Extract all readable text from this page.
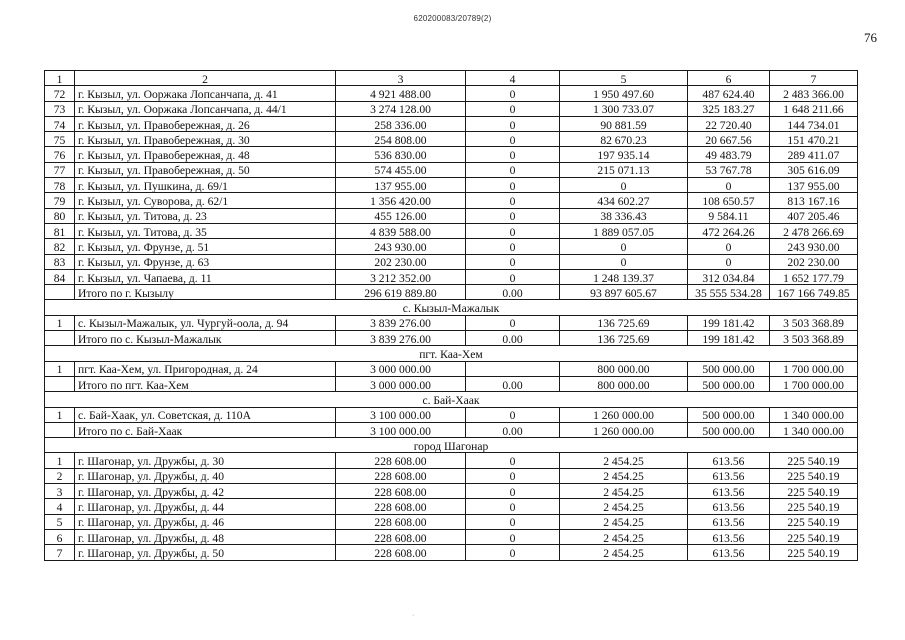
620200083/20789(2)
76
1	2	3	4	5	6	7
72	г. Кызыл, ул. Ооржака Лопсанчапа, д. 41	4 921 488.00	0	1 950 497.60	487 624.40	2 483 366.00
73	г. Кызыл, ул. Ооржака Лопсанчапа, д. 44/1	3 274 128.00	0	1 300 733.07	325 183.27	1 648 211.66
74	г. Кызыл, ул. Правобережная, д. 26	258 336.00	0	90 881.59	22 720.40	144 734.01
75	г. Кызыл, ул. Правобережная, д. 30	254 808.00	0	82 670.23	20 667.56	151 470.21
76	г. Кызыл, ул. Правобережная, д. 48	536 830.00	0	197 935.14	49 483.79	289 411.07
77	г. Кызыл, ул. Правобережная, д. 50	574 455.00	0	215 071.13	53 767.78	305 616.09
78	г. Кызыл, ул. Пушкина, д. 69/1	137 955.00	0	0	0	137 955.00
79	г. Кызыл, ул. Суворова, д. 62/1	1 356 420.00	0	434 602.27	108 650.57	813 167.16
80	г. Кызыл, ул. Титова, д. 23	455 126.00	0	38 336.43	9 584.11	407 205.46
81	г. Кызыл, ул. Титова, д. 35	4 839 588.00	0	1 889 057.05	472 264.26	2 478 266.69
82	г. Кызыл, ул. Фрунзе, д. 51	243 930.00	0	0	0	243 930.00
83	г. Кызыл, ул. Фрунзе, д. 63	202 230.00	0	0	0	202 230.00
84	г. Кызыл, ул. Чапаева, д. 11	3 212 352.00	0	1 248 139.37	312 034.84	1 652 177.79
	Итого по г. Кызылу	296 619 889.80	0.00	93 897 605.67	35 555 534.28	167 166 749.85
с. Кызыл-Мажалык						
1	с. Кызыл-Мажалык, ул. Чургуй-оола, д. 94	3 839 276.00	0	136 725.69	199 181.42	3 503 368.89
	Итого по с. Кызыл-Мажалык	3 839 276.00	0.00	136 725.69	199 181.42	3 503 368.89
пгт. Каа-Хем						
1	пгт. Каа-Хем, ул. Пригородная, д. 24	3 000 000.00		800 000.00	500 000.00	1 700 000.00
	Итого по пгт. Каа-Хем	3 000 000.00	0.00	800 000.00	500 000.00	1 700 000.00
с. Бай-Хаак						
1	с. Бай-Хаак, ул. Советская, д. 110А	3 100 000.00	0	1 260 000.00	500 000.00	1 340 000.00
	Итого по с. Бай-Хаак	3 100 000.00	0.00	1 260 000.00	500 000.00	1 340 000.00
город Шагонар						
1	г. Шагонар, ул. Дружбы, д. 30	228 608.00	0	2 454.25	613.56	225 540.19
2	г. Шагонар, ул. Дружбы, д. 40	228 608.00	0	2 454.25	613.56	225 540.19
3	г. Шагонар, ул. Дружбы, д. 42	228 608.00	0	2 454.25	613.56	225 540.19
4	г. Шагонар, ул. Дружбы, д. 44	228 608.00	0	2 454.25	613.56	225 540.19
5	г. Шагонар, ул. Дружбы, д. 46	228 608.00	0	2 454.25	613.56	225 540.19
6	г. Шагонар, ул. Дружбы, д. 48	228 608.00	0	2 454.25	613.56	225 540.19
7	г. Шагонар, ул. Дружбы, д. 50	228 608.00	0	2 454.25	613.56	225 540.19
·
